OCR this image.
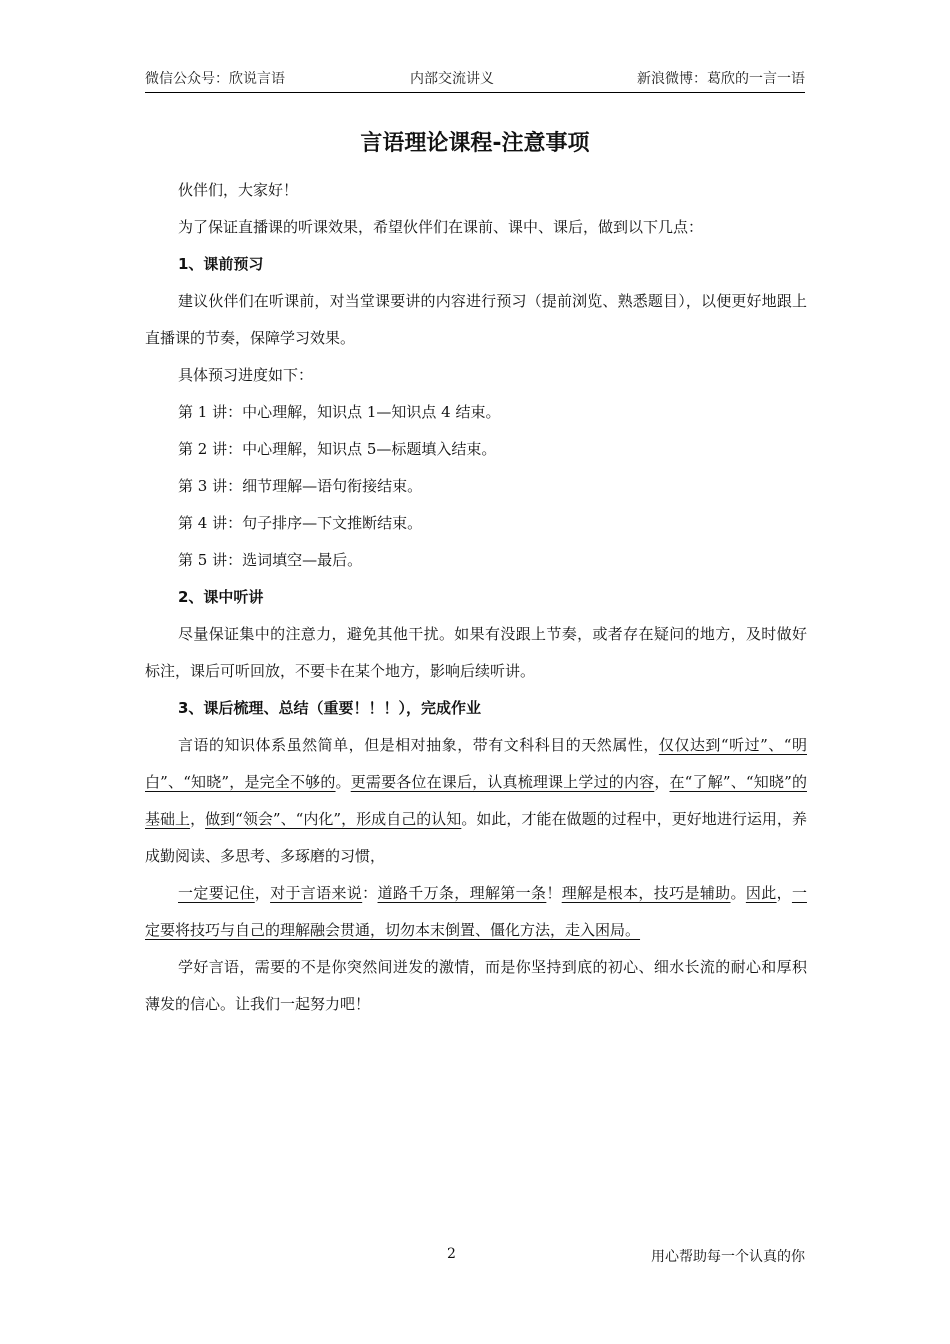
微信公众号：欣说言语	内部交流讲义	新浪微博：葛欣的一言一语
言语理论课程-注意事项

伙伴们，大家好！

为了保证直播课的听课效果，希望伙伴们在课前、课中、课后，做到以下几点：

1、课前预习

建议伙伴们在听课前，对当堂课要讲的内容进行预习（提前浏览、熟悉题目），以便更好地跟上直播课的节奏，保障学习效果。

具体预习进度如下：

第 1 讲：中心理解，知识点 1—知识点 4 结束。

第 2 讲：中心理解，知识点 5—标题填入结束。

第 3 讲：细节理解—语句衔接结束。

第 4 讲：句子排序—下文推断结束。

第 5 讲：选词填空—最后。

2、课中听讲

尽量保证集中的注意力，避免其他干扰。如果有没跟上节奏，或者存在疑问的地方，及时做好标注，课后可听回放，不要卡在某个地方，影响后续听讲。

3、课后梳理、总结（重要！！！），完成作业

言语的知识体系虽然简单，但是相对抽象，带有文科科目的天然属性，仅仅达到“听过”、“明白”、“知晓”，是完全不够的。更需要各位在课后，认真梳理课上学过的内容，在“了解”、“知晓”的基础上，做到“领会”、“内化”，形成自己的认知。如此，才能在做题的过程中，更好地进行运用，养成勤阅读、多思考、多琢磨的习惯，

一定要记住，对于言语来说：道路千万条，理解第一条！理解是根本，技巧是辅助。因此，一定要将技巧与自己的理解融会贯通，切勿本末倒置、僵化方法，走入困局。

学好言语，需要的不是你突然间迸发的激情，而是你坚持到底的初心、细水长流的耐心和厚积薄发的信心。让我们一起努力吧！

2	用心帮助每一个认真的你
